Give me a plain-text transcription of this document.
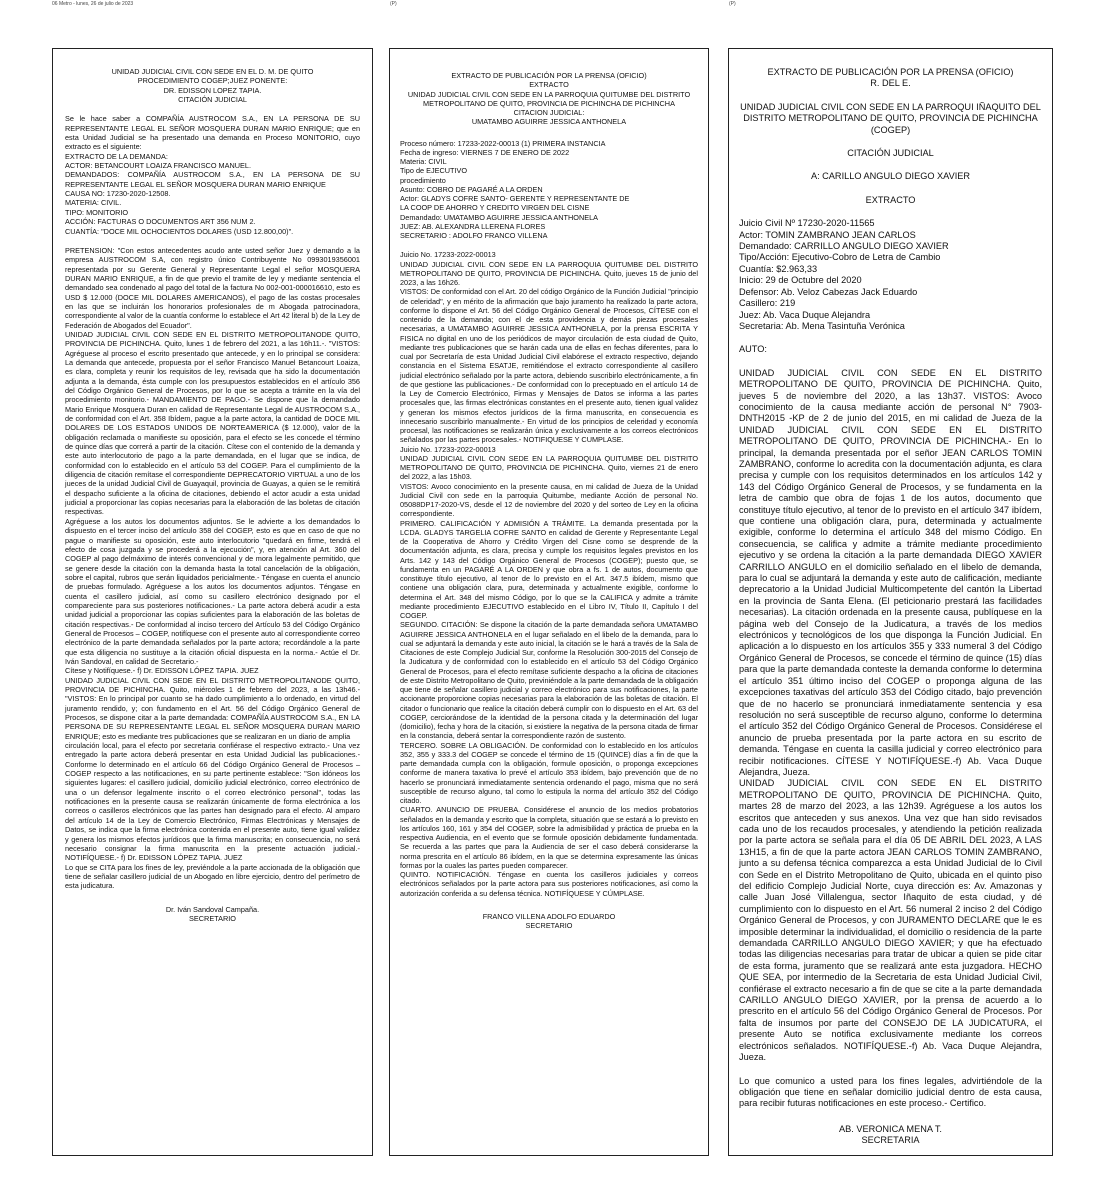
06 Metro - lunes, 26 de julio de 2023	(P)	(P)
UNIDAD JUDICIAL CIVIL CON SEDE EN EL D. M. DE QUITO
PROCEDIMIENTO COGEP;JUEZ PONENTE:
DR. EDISSON LOPEZ TAPIA.
CITACIÓN JUDICIAL

Se le hace saber a COMPAÑÍA AUSTROCOM S.A., EN LA PERSONA DE SU REPRESENTANTE LEGAL EL SEÑOR MOSQUERA DURAN MARIO ENRIQUE; que en esta Unidad Judicial se ha presentado una demanda en Proceso MONITORIO, cuyo extracto es el siguiente:

EXTRACTO DE LA DEMANDA:
ACTOR: BETANCOURT LOAIZA FRANCISCO MANUEL.
DEMANDADOS: COMPAÑÍA AUSTROCOM S.A., EN LA PERSONA DE SU REPRESENTANTE LEGAL EL SEÑOR MOSQUERA DURAN MARIO ENRIQUE
CAUSA NO: 17230-2020-12508.
MATERIA: CIVIL.
TIPO: MONITORIO
ACCIÓN: FACTURAS O DOCUMENTOS ART 356 NUM 2.
CUANTÍA: "DOCE MIL OCHOCIENTOS DOLARES (USD 12.800,00)".

PRETENSION: "Con estos antecedentes acudo ante usted señor Juez y demando a la empresa AUSTROCOM S.A, con registro único Contribuyente No 0993019356001 representada por su Gerente General y Representante Legal el señor MOSQUERA DURAN MARIO ENRIQUE, a fin de que previo el tramite de ley y mediante sentencia el demandado sea condenado al pago del total de la factura No 002-001-000016610, esto es USD $ 12.000 (DOCE MIL DOLARES AMERICANOS), el pago de las costas procesales en las que se incluirán los honorarios profesionales de m Abogada patrocinadora, correspondiente al valor de la cuantía conforme lo establece el Art 42 literal b) de la Ley de Federación de Abogados del Ecuador".

UNIDAD JUDICIAL CIVIL CON SEDE EN EL DISTRITO METROPOLITANODE QUITO, PROVINCIA DE PICHINCHA. Quito, lunes 1 de febrero del 2021, a las 16h11.-. "VISTOS: Agréguese al proceso el escrito presentado que antecede, y en lo principal se considera: La demanda que antecede, propuesta por el señor Francisco Manuel Betancourt Loaiza, es clara, completa y reunir los requisitos de ley, revisada que ha sido la documentación adjunta a la demanda, ésta cumple con los presupuestos establecidos en el artículo 356 del Código Orgánico General de Procesos, por lo que se acepta a trámite en la vía del procedimiento monitorio.- MANDAMIENTO DE PAGO.- Se dispone que la demandado Mario Enrique Mosquera Duran en calidad de Representante Legal de AUSTROCOM S.A., de conformidad con el Art. 358 Ibídem, pague a la parte actora, la cantidad de DOCE MIL DOLARES DE LOS ESTADOS UNIDOS DE NORTEAMERICA ($ 12.000), valor de la obligación reclamada o manifieste su oposición, para el efecto se les concede el término de quince días que correrá a partir de la citación. Cítese con el contenido de la demanda y este auto interlocutorio de pago a la parte demandada, en el lugar que se indica, de conformidad con lo establecido en el artículo 53 del COGEP. Para el cumplimiento de la diligencia de citación remítase el correspondiente DEPRECATORIO VIRTUAL a uno de los jueces de la unidad Judicial Civil de Guayaquil, provincia de Guayas, a quien se le remitirá el despacho suficiente a la oficina de citaciones, debiendo el actor acudir a esta unidad judicial a proporcionar las copias necesarias para la elaboración de las boletas de citación respectivas.

Agréguese a los autos los documentos adjuntos. Se le advierte a los demandados lo dispuesto en el tercer inciso del artículo 358 del COGEP, esto es que en caso de que no pague o manifieste su oposición, este auto interlocutorio "quedará en firme, tendrá el efecto de cosa juzgada y se procederá a la ejecución", y, en atención al Art. 360 del COGEP al pago delmáximo de interés convencional y de mora legalmente permitido, que se genere desde la citación con la demanda hasta la total cancelación de la obligación, sobre el capital, rubros que serán liquidados pericialmente.- Téngase en cuenta el anuncio de pruebas formulado. Agréguese a los autos los documentos adjuntos. Téngase en cuenta el casillero judicial, así como su casillero electrónico designado por el compareciente para sus posteriores notificaciones.- La parte actora deberá acudir a esta unidad judicial a proporcionar las copias suficientes para la elaboración de las boletas de citación respectivas.- De conformidad al inciso tercero del Artículo 53 del Código Orgánico General de Procesos – COGEP, notifíquese con el presente auto al correspondiente correo electrónico de la parte demandada señalados por la parte actora; recordándole a la parte que esta diligencia no sustituye a la citación oficial dispuesta en la norma.- Actúe el Dr. Iván Sandoval, en calidad de Secretario.-

Cítese y Notifíquese.- f) Dr. EDISSON LÓPEZ TAPIA. JUEZ

UNIDAD JUDICIAL CIVIL CON SEDE EN EL DISTRITO METROPOLITANODE QUITO, PROVINCIA DE PICHINCHA. Quito, miércoles 1 de febrero del 2023, a las 13h46.- "VISTOS: En lo principal por cuanto se ha dado cumplimiento a lo ordenado, en virtud del juramento rendido, y; con fundamento en el Art. 56 del Código Orgánico General de Procesos, se dispone citar a la parte demandada: COMPAÑÍA AUSTROCOM S.A., EN LA PERSONA DE SU REPRESENTANTE LEGAL EL SEÑOR MOSQUERA DURAN MARIO ENRIQUE; esto es mediante tres publicaciones que se realizaran en un diario de amplia

circulación local, para el efecto por secretaria confiérase el respectivo extracto.- Una vez entregado la parte actora deberá presentar en esta Unidad Judicial las publicaciones.- Conforme lo determinado en el artículo 66 del Código Orgánico General de Procesos – COGEP respecto a las notificaciones, en su parte pertinente establece: "Son idóneos los siguientes lugares: el casillero judicial, domicilio judicial electrónico, correo electrónico de una o un defensor legalmente inscrito o el correo electrónico personal", todas las notificaciones en la presente causa se realizarán únicamente de forma electrónica a los correos o casilleros electrónicos que las partes han designado para el efecto. Al amparo del artículo 14 de la Ley de Comercio Electrónico, Firmas Electrónicas y Mensajes de Datos, se indica que la firma electrónica contenida en el presente auto, tiene igual validez y genera los mismos efectos jurídicos que la firma manuscrita; en consecuencia, no será necesario consignar la firma manuscrita en la presente actuación judicial.- NOTIFÍQUESE.- f) Dr. EDISSON LÓPEZ TAPIA. JUEZ

Lo que se CITA para los fines de ley, previéndole a la parte accionada de la obligación que tiene de señalar casillero judicial de un Abogado en libre ejercicio, dentro del perímetro de esta judicatura.

Dr. Iván Sandoval Campaña.
SECRETARIO
EXTRACTO DE PUBLICACIÓN POR LA PRENSA (OFICIO)
EXTRACTO
UNIDAD JUDICIAL CIVIL CON SEDE EN LA PARROQUIA QUITUMBE DEL DISTRITO
METROPOLITANO DE QUITO, PROVINCIA DE PICHINCHA DE PICHINCHA
CITACION JUDICIAL:
UMATAMBO AGUIRRE JESSICA ANTHONELA
Proceso número: 17233-2022-00013 (1) PRIMERA INSTANCIA
Fecha de ingreso: VIERNES 7 DE ENERO DE 2022
Materia: CIVIL
Tipo de EJECUTIVO
procedimiento
Asunto: COBRO DE PAGARÉ A LA ORDEN
Actor: GLADYS COFRE SANTO- GERENTE Y REPRESENTANTE DE
LA COOP DE AHORRO Y CREDITO VIRGEN DEL CISNE
Demandado: UMATAMBO AGUIRRE JESSICA ANTHONELA
JUEZ: AB. ALEXANDRA LLERENA FLORES
SECRETARIO : ADOLFO FRANCO VILLENA

Juicio No. 17233-2022-00013

UNIDAD JUDICIAL CIVIL CON SEDE EN LA PARROQUIA QUITUMBE DEL DISTRITO METROPOLITANO DE QUITO, PROVINCIA DE PICHINCHA. Quito, jueves 15 de junio del 2023, a las 16h26.

VISTOS: De conformidad con el Art. 20 del código Orgánico de la Función Judicial "principio de celeridad", y en mérito de la afirmación que bajo juramento ha realizado la parte actora, conforme lo dispone el Art. 56 del Código Orgánico General de Procesos, CÍTESE con el contenido de la demanda; con el de esta providencia y demás piezas procesales necesarias, a UMATAMBO AGUIRRE JESSICA ANTHONELA, por la prensa ESCRITA Y FISICA no digital en uno de los periódicos de mayor circulación de esta ciudad de Quito, mediante tres publicaciones que se harán cada una de ellas en fechas diferentes, para lo cual por Secretaría de esta Unidad Judicial Civil elabórese el extracto respectivo, dejando constancia en el Sistema ESATJE, remitiéndose el extracto correspondiente al casillero judicial electrónico señalado por la parte actora, debiendo suscribirlo electrónicamente, a fin de que gestione las publicaciones.- De conformidad con lo preceptuado en el artículo 14 de la Ley de Comercio Electrónico, Firmas y Mensajes de Datos se informa a las partes procesales que, las firmas electrónicas constantes en el presente auto, tienen igual validez y generan los mismos efectos jurídicos de la firma manuscrita, en consecuencia es innecesario suscribirlo manualmente.- En virtud de los principios de celeridad y economía procesal, las notificaciones se realizarán única y exclusivamente a los correos electrónicos señalados por las partes procesales.- NOTIFIQUESE Y CUMPLASE.

Juicio No. 17233-2022-00013

UNIDAD JUDICIAL CIVIL CON SEDE EN LA PARROQUIA QUITUMBE DEL DISTRITO METROPOLITANO DE QUITO, PROVINCIA DE PICHINCHA. Quito, viernes 21 de enero del 2022, a las 15h03.

VISTOS: Avoco conocimiento en la presente causa, en mi calidad de Jueza de la Unidad Judicial Civil con sede en la parroquia Quitumbe, mediante Acción de personal No. 05088DP17-2020-VS, desde el 12 de noviembre del 2020 y del sorteo de Ley en la oficina correspondiente.

PRIMERO. CALIFICACIÓN Y ADMISIÓN A TRÁMITE. La demanda presentada por la LCDA. GLADYS TARGELIA COFRE SANTO en calidad de Gerente y Representante Legal de la Cooperativa de Ahorro y Crédito Virgen del Cisne como se desprende de la documentación adjunta, es clara, precisa y cumple los requisitos legales previstos en los Arts. 142 y 143 del Código Orgánico General de Procesos (COGEP); puesto que, se fundamenta en un PAGARÉ A LA ORDEN y que obra a fs. 1 de autos, documento que constituye título ejecutivo, al tenor de lo previsto en el Art. 347.5 ibídem, mismo que contiene una obligación clara, pura, determinada y actualmente exigible, conforme lo determina el Art. 348 del mismo Código, por lo que se la CALIFICA y admite a trámite mediante procedimiento EJECUTIVO establecido en el Libro IV, Título II, Capítulo I del COGEP.

SEGUNDO. CITACIÓN: Se dispone la citación de la parte demandada señora UMATAMBO AGUIRRE JESSICA ANTHONELA en el lugar señalado en el libelo de la demanda, para lo cual se adjuntará la demanda y este auto inicial, la citación se le hará a través de la Sala de Citaciones de este Complejo Judicial Sur, conforme la Resolución 300-2015 del Consejo de la Judicatura y de conformidad con lo establecido en el artículo 53 del Código Orgánico General de Procesos, para el efecto remítase suficiente despacho a la oficina de citaciones de este Distrito Metropolitano de Quito, previniéndole a la parte demandada de la obligación que tiene de señalar casillero judicial y correo electrónico para sus notificaciones, la parte accionante proporcione copias necesarias para la elaboración de las boletas de citación. El citador o funcionario que realice la citación deberá cumplir con lo dispuesto en el Art. 63 del COGEP, cerciorándose de la identidad de la persona citada y la determinación del lugar (domicilio), fecha y hora de la citación, si existiere la negativa de la persona citada de firmar en la constancia, deberá sentar la correspondiente razón de sustento.

TERCERO. SOBRE LA OBLIGACIÓN. De conformidad con lo establecido en los artículos 352, 355 y 333.3 del COGEP se concede el término de 15 (QUINCE) días a fin de que la parte demandada cumpla con la obligación, formule oposición, o proponga excepciones conforme de manera taxativa lo prevé el artículo 353 ibídem, bajo prevención que de no hacerlo se pronunciará inmediatamente sentencia ordenando el pago, misma que no será susceptible de recurso alguno, tal como lo estipula la norma del artículo 352 del Código citado.

CUARTO. ANUNCIO DE PRUEBA. Considérese el anuncio de los medios probatorios señalados en la demanda y escrito que la completa, situación que se estará a lo previsto en los artículos 160, 161 y 354 del COGEP, sobre la admisibilidad y práctica de prueba en la respectiva Audiencia, en el evento que se formule oposición debidamente fundamentada. Se recuerda a las partes que para la Audiencia de ser el caso deberá considerarse la norma prescrita en el artículo 86 ibídem, en la que se determina expresamente las únicas formas por la cuales las partes pueden comparecer.

QUINTO. NOTIFICACIÓN. Téngase en cuenta los casilleros judiciales y correos electrónicos señalados por la parte actora para sus posteriores notificaciones, así como la autorización conferida a su defensa técnica. NOTIFÍQUESE Y CÚMPLASE.

FRANCO VILLENA ADOLFO EDUARDO
SECRETARIO
EXTRACTO DE PUBLICACIÓN POR LA PRENSA (OFICIO)
R. DEL E.
UNIDAD JUDICIAL CIVIL CON SEDE EN LA PARROQUI IÑAQUITO DEL
DISTRITO METROPOLITANO DE QUITO, PROVINCIA DE PICHINCHA
(COGEP)
CITACIÓN JUDICIAL
A: CARILLO ANGULO DIEGO XAVIER
EXTRACTO
Juicio Civil Nº 17230-2020-11565
Actor: TOMIN ZAMBRANO JEAN CARLOS
Demandado: CARRILLO ANGULO DIEGO XAVIER
Tipo/Acción: Ejecutivo-Cobro de Letra de Cambio
Cuantía: $2.963,33
Inicio: 29 de Octubre del 2020
Defensor: Ab. Veloz Cabezas Jack Eduardo
Casillero: 219
Juez: Ab. Vaca Duque Alejandra
Secretaria: Ab. Mena Tasintuña Verónica
AUTO:

UNIDAD JUDICIAL CIVIL CON SEDE EN EL DISTRITO METROPOLITANO DE QUITO, PROVINCIA DE PICHINCHA. Quito, jueves 5 de noviembre del 2020, a las 13h37. VISTOS: Avoco conocimiento de la causa mediante acción de personal N° 7903-DNTH2015 -KP de 2 de junio del 2015, en mi calidad de Jueza de la UNIDAD JUDICIAL CIVIL CON SEDE EN EL DISTRITO METROPOLITANO DE QUITO, PROVINCIA DE PICHINCHA.- En lo principal, la demanda presentada por el señor JEAN CARLOS TOMIN ZAMBRANO, conforme lo acredita con la documentación adjunta, es clara precisa y cumple con los requisitos determinados en los artículos 142 y 143 del Código Orgánico General de Procesos, y se fundamenta en la letra de cambio que obra de fojas 1 de los autos, documento que constituye título ejecutivo, al tenor de lo previsto en el artículo 347 ibídem, que contiene una obligación clara, pura, determinada y actualmente exigible, conforme lo determina el artículo 348 del mismo Código. En consecuencia, se califica y admite a trámite mediante procedimiento ejecutivo y se ordena la citación a la parte demandada DIEGO XAVIER CARRILLO ANGULO en el domicilio señalado en el libelo de demanda, para lo cual se adjuntará la demanda y este auto de calificación, mediante deprecatorio a la Unidad Judicial Multicompetente del cantón la Libertad en la provincia de Santa Elena. (El peticionario prestará las facilidades necesarias). La citación ordenada en la presente causa, publíquese en la página web del Consejo de la Judicatura, a través de los medios electrónicos y tecnológicos de los que disponga la Función Judicial. En aplicación a lo dispuesto en los artículos 355 y 333 numeral 3 del Código Orgánico General de Procesos, se concede el término de quince (15) días para que la parte demandada conteste la demanda conforme lo determina el artículo 351 último inciso del COGEP o proponga alguna de las excepciones taxativas del artículo 353 del Código citado, bajo prevención que de no hacerlo se pronunciará inmediatamente sentencia y esa resolución no será susceptible de recurso alguno, conforme lo determina el artículo 352 del Código Orgánico General de Procesos. Considérese el anuncio de prueba presentada por la parte actora en su escrito de demanda. Téngase en cuenta la casilla judicial y correo electrónico para recibir notificaciones. CÍTESE Y NOTIFÍQUESE.-f) Ab. Vaca Duque Alejandra, Jueza.

UNIDAD JUDICIAL CIVIL CON SEDE EN EL DISTRITO METROPOLITANO DE QUITO, PROVINCIA DE PICHINCHA. Quito, martes 28 de marzo del 2023, a las 12h39. Agréguese a los autos los escritos que anteceden y sus anexos. Una vez que han sido revisados cada uno de los recaudos procesales, y atendiendo la petición realizada por la parte actora se señala para el día 05 DE ABRIL DEL 2023, A LAS 13H15, a fin de que la parte actora JEAN CARLOS TOMIN ZAMBRANO, junto a su defensa técnica comparezca a esta Unidad Judicial de lo Civil con Sede en el Distrito Metropolitano de Quito, ubicada en el quinto piso del edificio Complejo Judicial Norte, cuya dirección es: Av. Amazonas y calle Juan José Villalengua, sector Iñaquito de esta ciudad, y dé cumplimiento con lo dispuesto en el Art. 56 numeral 2 inciso 2 del Código Orgánico General de Procesos, y con JURAMENTO DECLARE que le es imposible determinar la individualidad, el domicilio o residencia de la parte demandada CARRILLO ANGULO DIEGO XAVIER; y que ha efectuado todas las diligencias necesarias para tratar de ubicar a quien se pide citar de esta forma, juramento que se realizará ante esta juzgadora. HECHO QUE SEA, por intermedio de la Secretaria de esta Unidad Judicial Civil, confiérase el extracto necesario a fin de que se cite a la parte demandada CARILLO ANGULO DIEGO XAVIER, por la prensa de acuerdo a lo prescrito en el artículo 56 del Código Orgánico General de Procesos. Por falta de insumos por parte del CONSEJO DE LA JUDICATURA, el presente Auto se notifica exclusivamente mediante los correos electrónicos señalados. NOTIFÍQUESE.-f) Ab. Vaca Duque Alejandra, Jueza.

Lo que comunico a usted para los fines legales, advirtiéndole de la obligación que tiene en señalar domicilio judicial dentro de esta causa, para recibir futuras notificaciones en este proceso.- Certifico.

AB. VERONICA MENA T.
SECRETARIA
